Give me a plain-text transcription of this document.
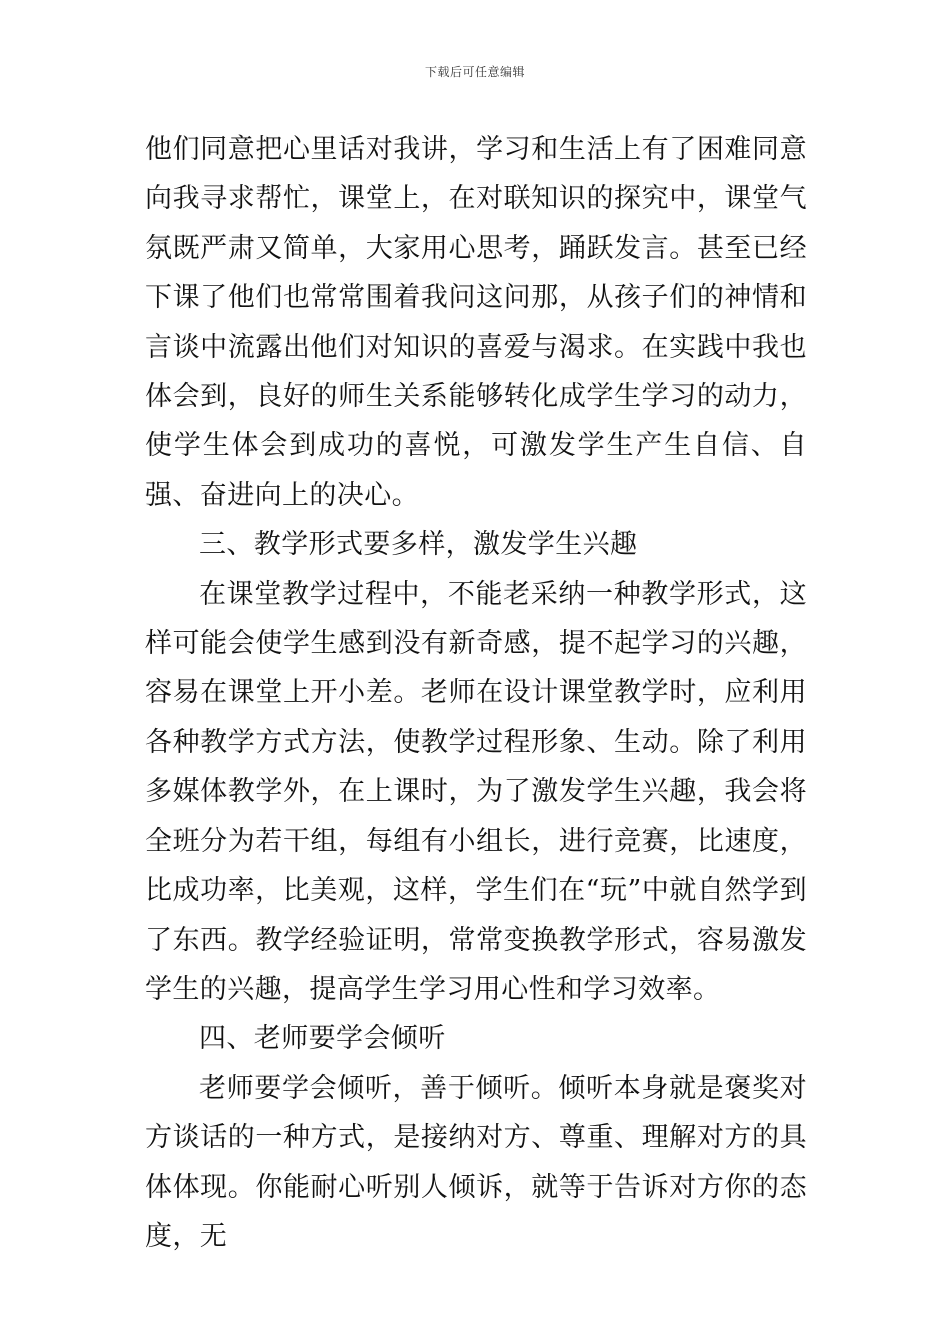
下载后可任意编辑

他们同意把心里话对我讲，学习和生活上有了困难同意向我寻求帮忙，课堂上，在对联知识的探究中，课堂气氛既严肃又简单，大家用心思考，踊跃发言。甚至已经下课了他们也常常围着我问这问那，从孩子们的神情和言谈中流露出他们对知识的喜爱与渴求。在实践中我也体会到，良好的师生关系能够转化成学生学习的动力，使学生体会到成功的喜悦，可激发学生产生自信、自强、奋进向上的决心。

三、教学形式要多样，激发学生兴趣

在课堂教学过程中，不能老采纳一种教学形式，这样可能会使学生感到没有新奇感，提不起学习的兴趣，容易在课堂上开小差。老师在设计课堂教学时，应利用各种教学方式方法，使教学过程形象、生动。除了利用多媒体教学外，在上课时，为了激发学生兴趣，我会将全班分为若干组，每组有小组长，进行竞赛，比速度，比成功率，比美观，这样，学生们在“玩”中就自然学到了东西。教学经验证明，常常变换教学形式，容易激发学生的兴趣，提高学生学习用心性和学习效率。

四、老师要学会倾听

老师要学会倾听，善于倾听。倾听本身就是褒奖对方谈话的一种方式，是接纳对方、尊重、理解对方的具体体现。你能耐心听别人倾诉，就等于告诉对方你的态度，无
